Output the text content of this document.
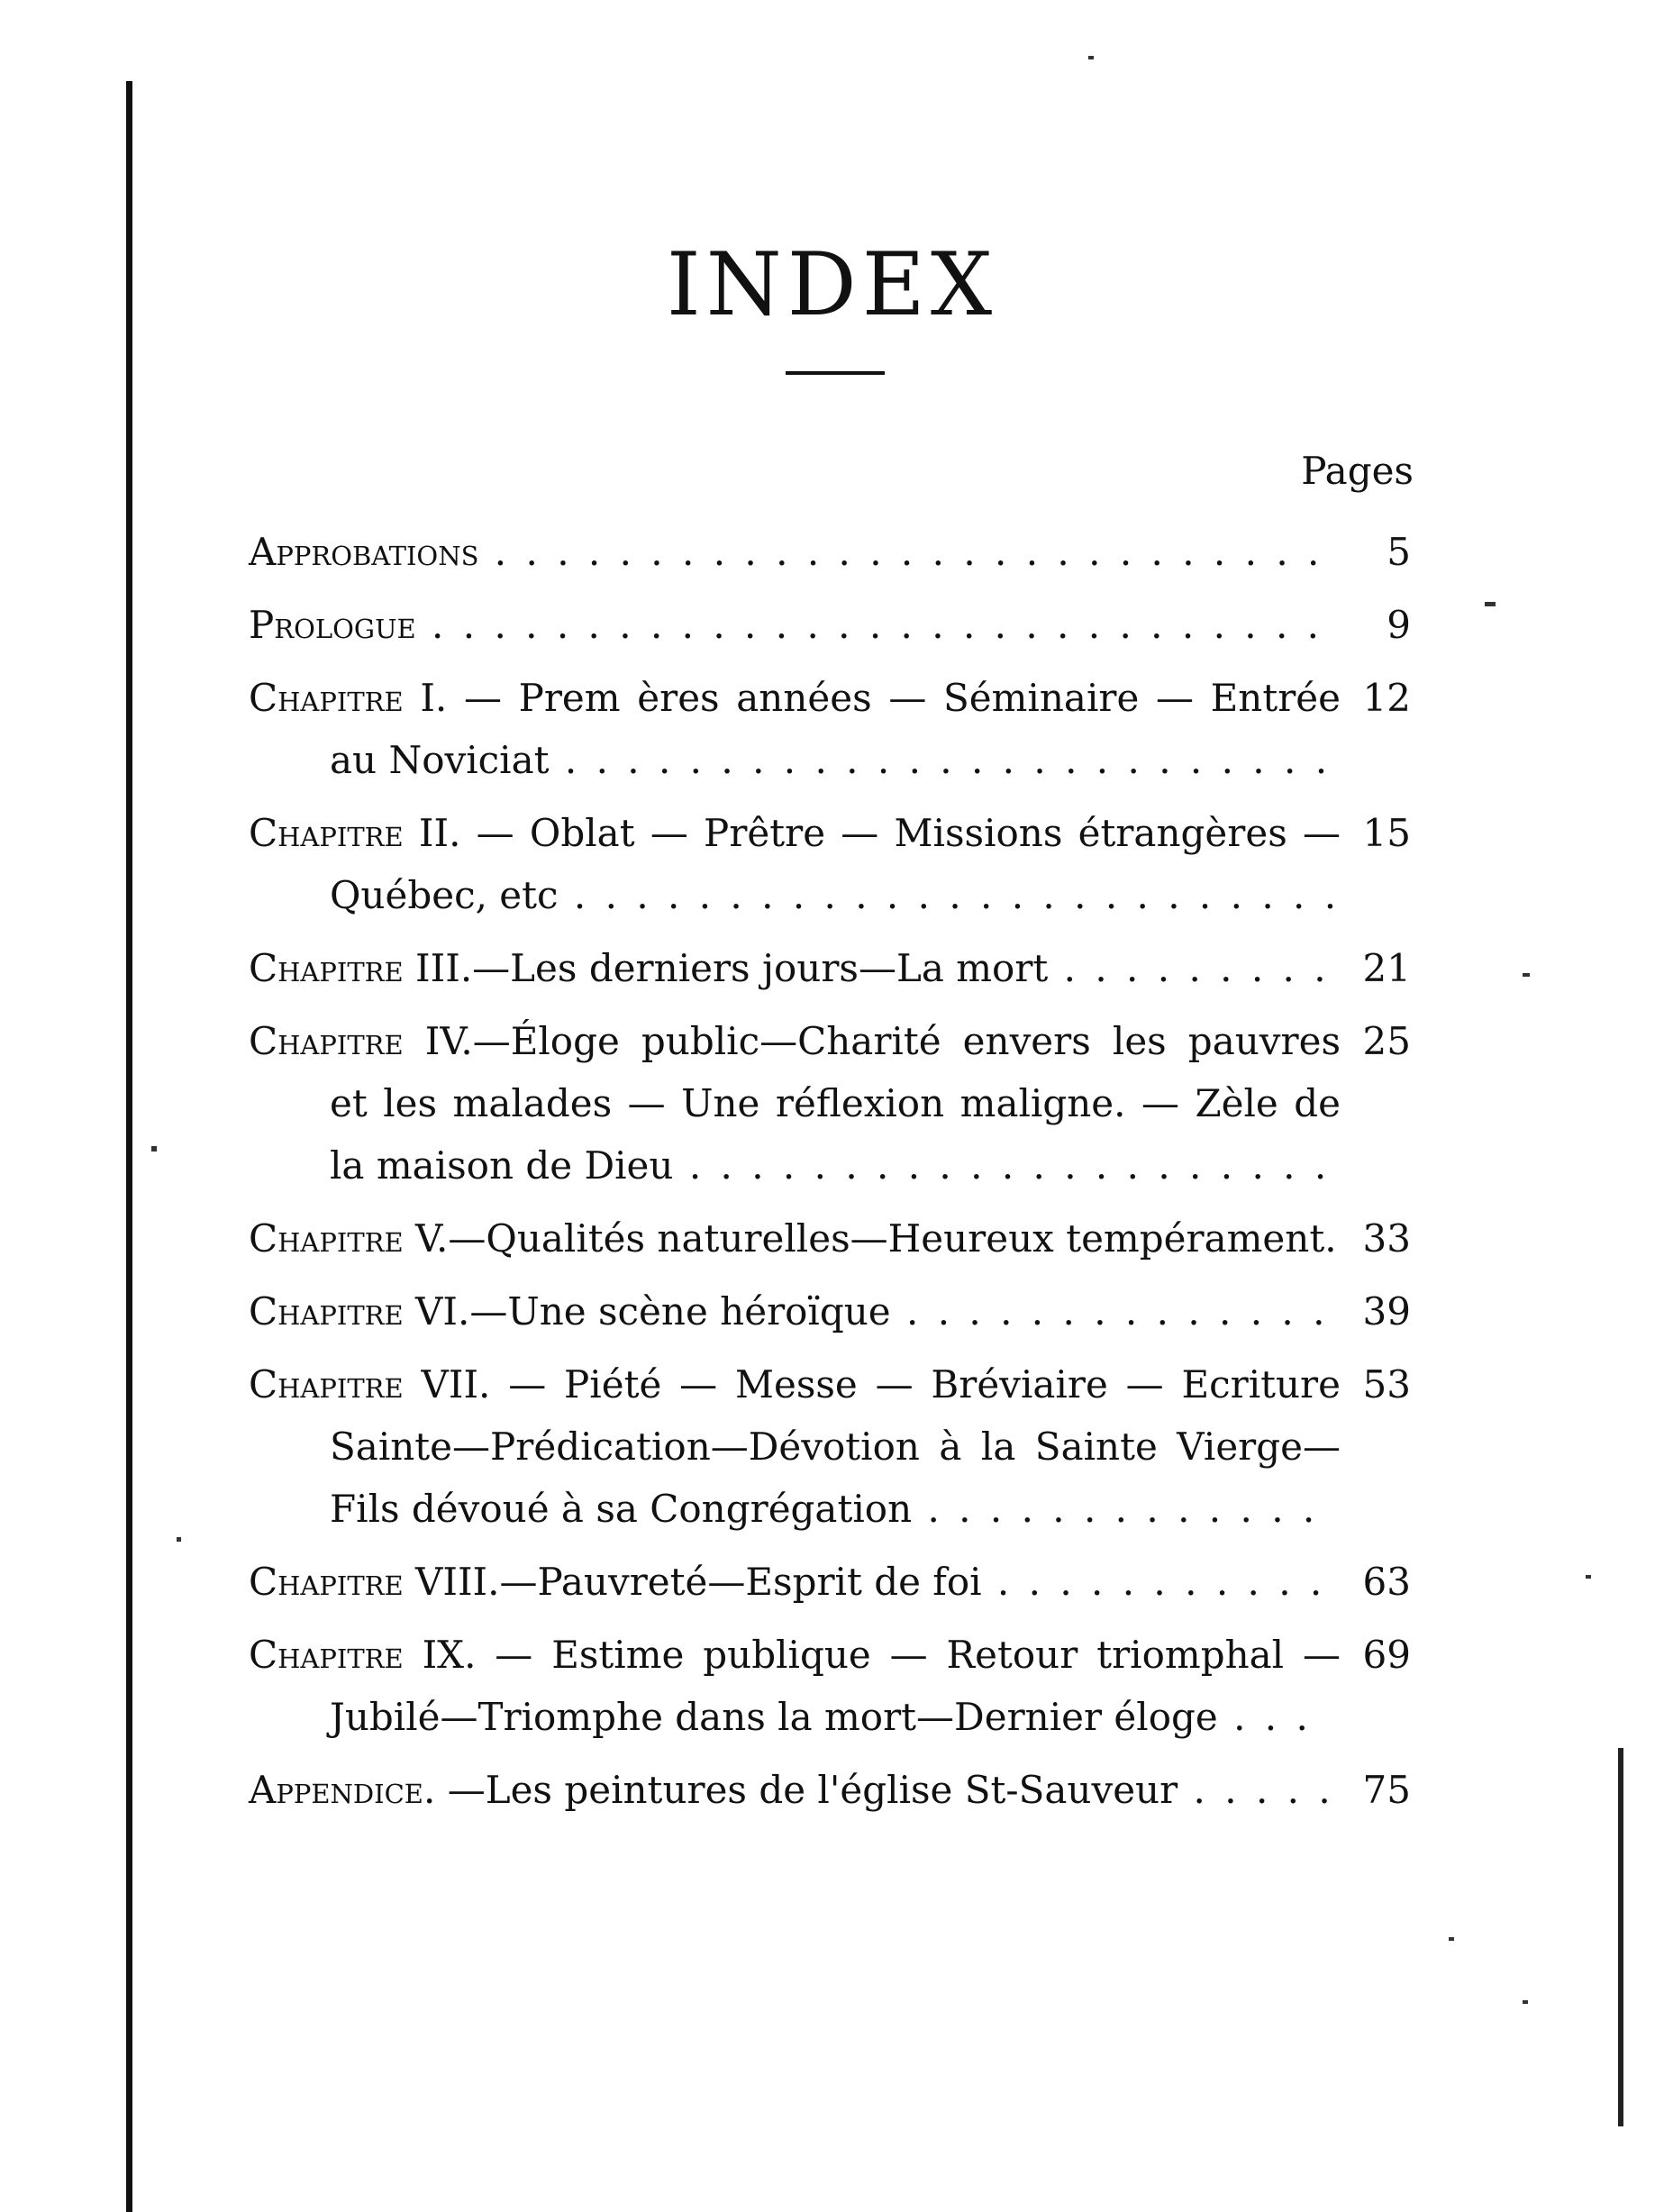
INDEX
Pages
Approbations . . . . . . . . . . . . . . . . . . . . . . . . . . .	5
Prologue . . . . . . . . . . . . . . . . . . . . . . . . . . . . .	9
Chapitre I. — Prem ères années — Séminaire — Entrée au Noviciat . . . . . . . . . . . . . . . . . . . . . . . . .
12
Chapitre II. — Oblat — Prêtre — Missions étrangères — Québec, etc . . . . . . . . . . . . . . . . . . . . . . . . .
15
Chapitre III.—Les derniers jours—La mort . . . . . . . . . 21
Chapitre IV.—Éloge public—Charité envers les pauvres et les malades — Une réflexion maligne. — Zèle de la maison de Dieu . . . . . . . . . . . . . . . . . . . . .
25
Chapitre V.—Qualités naturelles—Heureux tempérament. 33
Chapitre VI.—Une scène héroïque . . . . . . . . . . . . . . 39
Chapitre VII. — Piété — Messe — Bréviaire — Ecriture Sainte—Prédication—Dévotion à la Sainte Vierge—Fils dévoué à sa Congrégation . . . . . . . . . . . . .
53
Chapitre VIII.—Pauvreté—Esprit de foi . . . . . . . . . . . 63
Chapitre IX. — Estime publique — Retour triomphal — Jubilé—Triomphe dans la mort—Dernier éloge . . .
69
Appendice. —Les peintures de l'église St-Sauveur . . . . . 75
